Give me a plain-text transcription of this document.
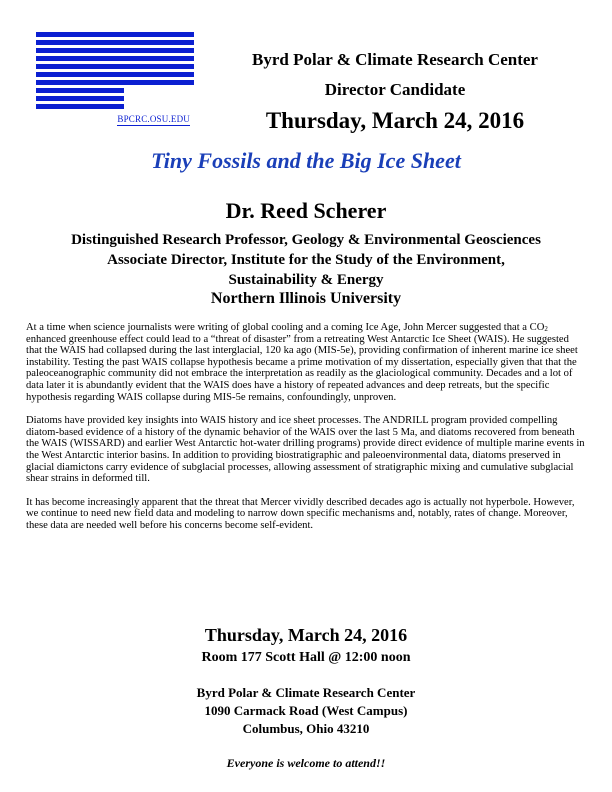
BPCRC.OSU.EDU
Byrd Polar & Climate Research Center
Director Candidate
Thursday, March 24, 2016
Tiny Fossils and the Big Ice Sheet
Dr. Reed Scherer
Distinguished Research Professor, Geology & Environmental Geosciences
Associate Director, Institute for the Study of the Environment,
Sustainability & Energy
Northern Illinois University

At a time when science journalists were writing of global cooling and a coming Ice Age, John Mercer suggested that a $CO_2$ enhanced greenhouse effect could lead to a “threat of disaster” from a retreating West Antarctic Ice Sheet (WAIS). He suggested that the WAIS had collapsed during the last interglacial, 120 ka ago (MIS-5e), providing confirmation of inherent marine ice sheet instability. Testing the past WAIS collapse hypothesis became a prime motivation of my dissertation, especially given that that the paleoceanographic community did not embrace the interpretation as readily as the glaciological community. Decades and a lot of data later it is abundantly evident that the WAIS does have a history of repeated advances and deep retreats, but the specific hypothesis regarding WAIS collapse during MIS-5e remains, confoundingly, unproven.

Diatoms have provided key insights into WAIS history and ice sheet processes. The ANDRILL program provided compelling diatom-based evidence of a history of the dynamic behavior of the WAIS over the last 5 Ma, and diatoms recovered from beneath the WAIS (WISSARD) and earlier West Antarctic hot-water drilling programs) provide direct evidence of multiple marine events in the West Antarctic interior basins. In addition to providing biostratigraphic and paleoenvironmental data, diatoms preserved in glacial diamictons carry evidence of subglacial processes, allowing assessment of stratigraphic mixing and cumulative subglacial shear strains in deformed till.

It has become increasingly apparent that the threat that Mercer vividly described decades ago is actually not hyperbole. However, we continue to need new field data and modeling to narrow down specific mechanisms and, notably, rates of change. Moreover, these data are needed well before his concerns become self-evident.

Thursday, March 24, 2016
Room 177 Scott Hall @ 12:00 noon
Byrd Polar & Climate Research Center
1090 Carmack Road (West Campus)
Columbus, Ohio 43210
Everyone is welcome to attend!!
